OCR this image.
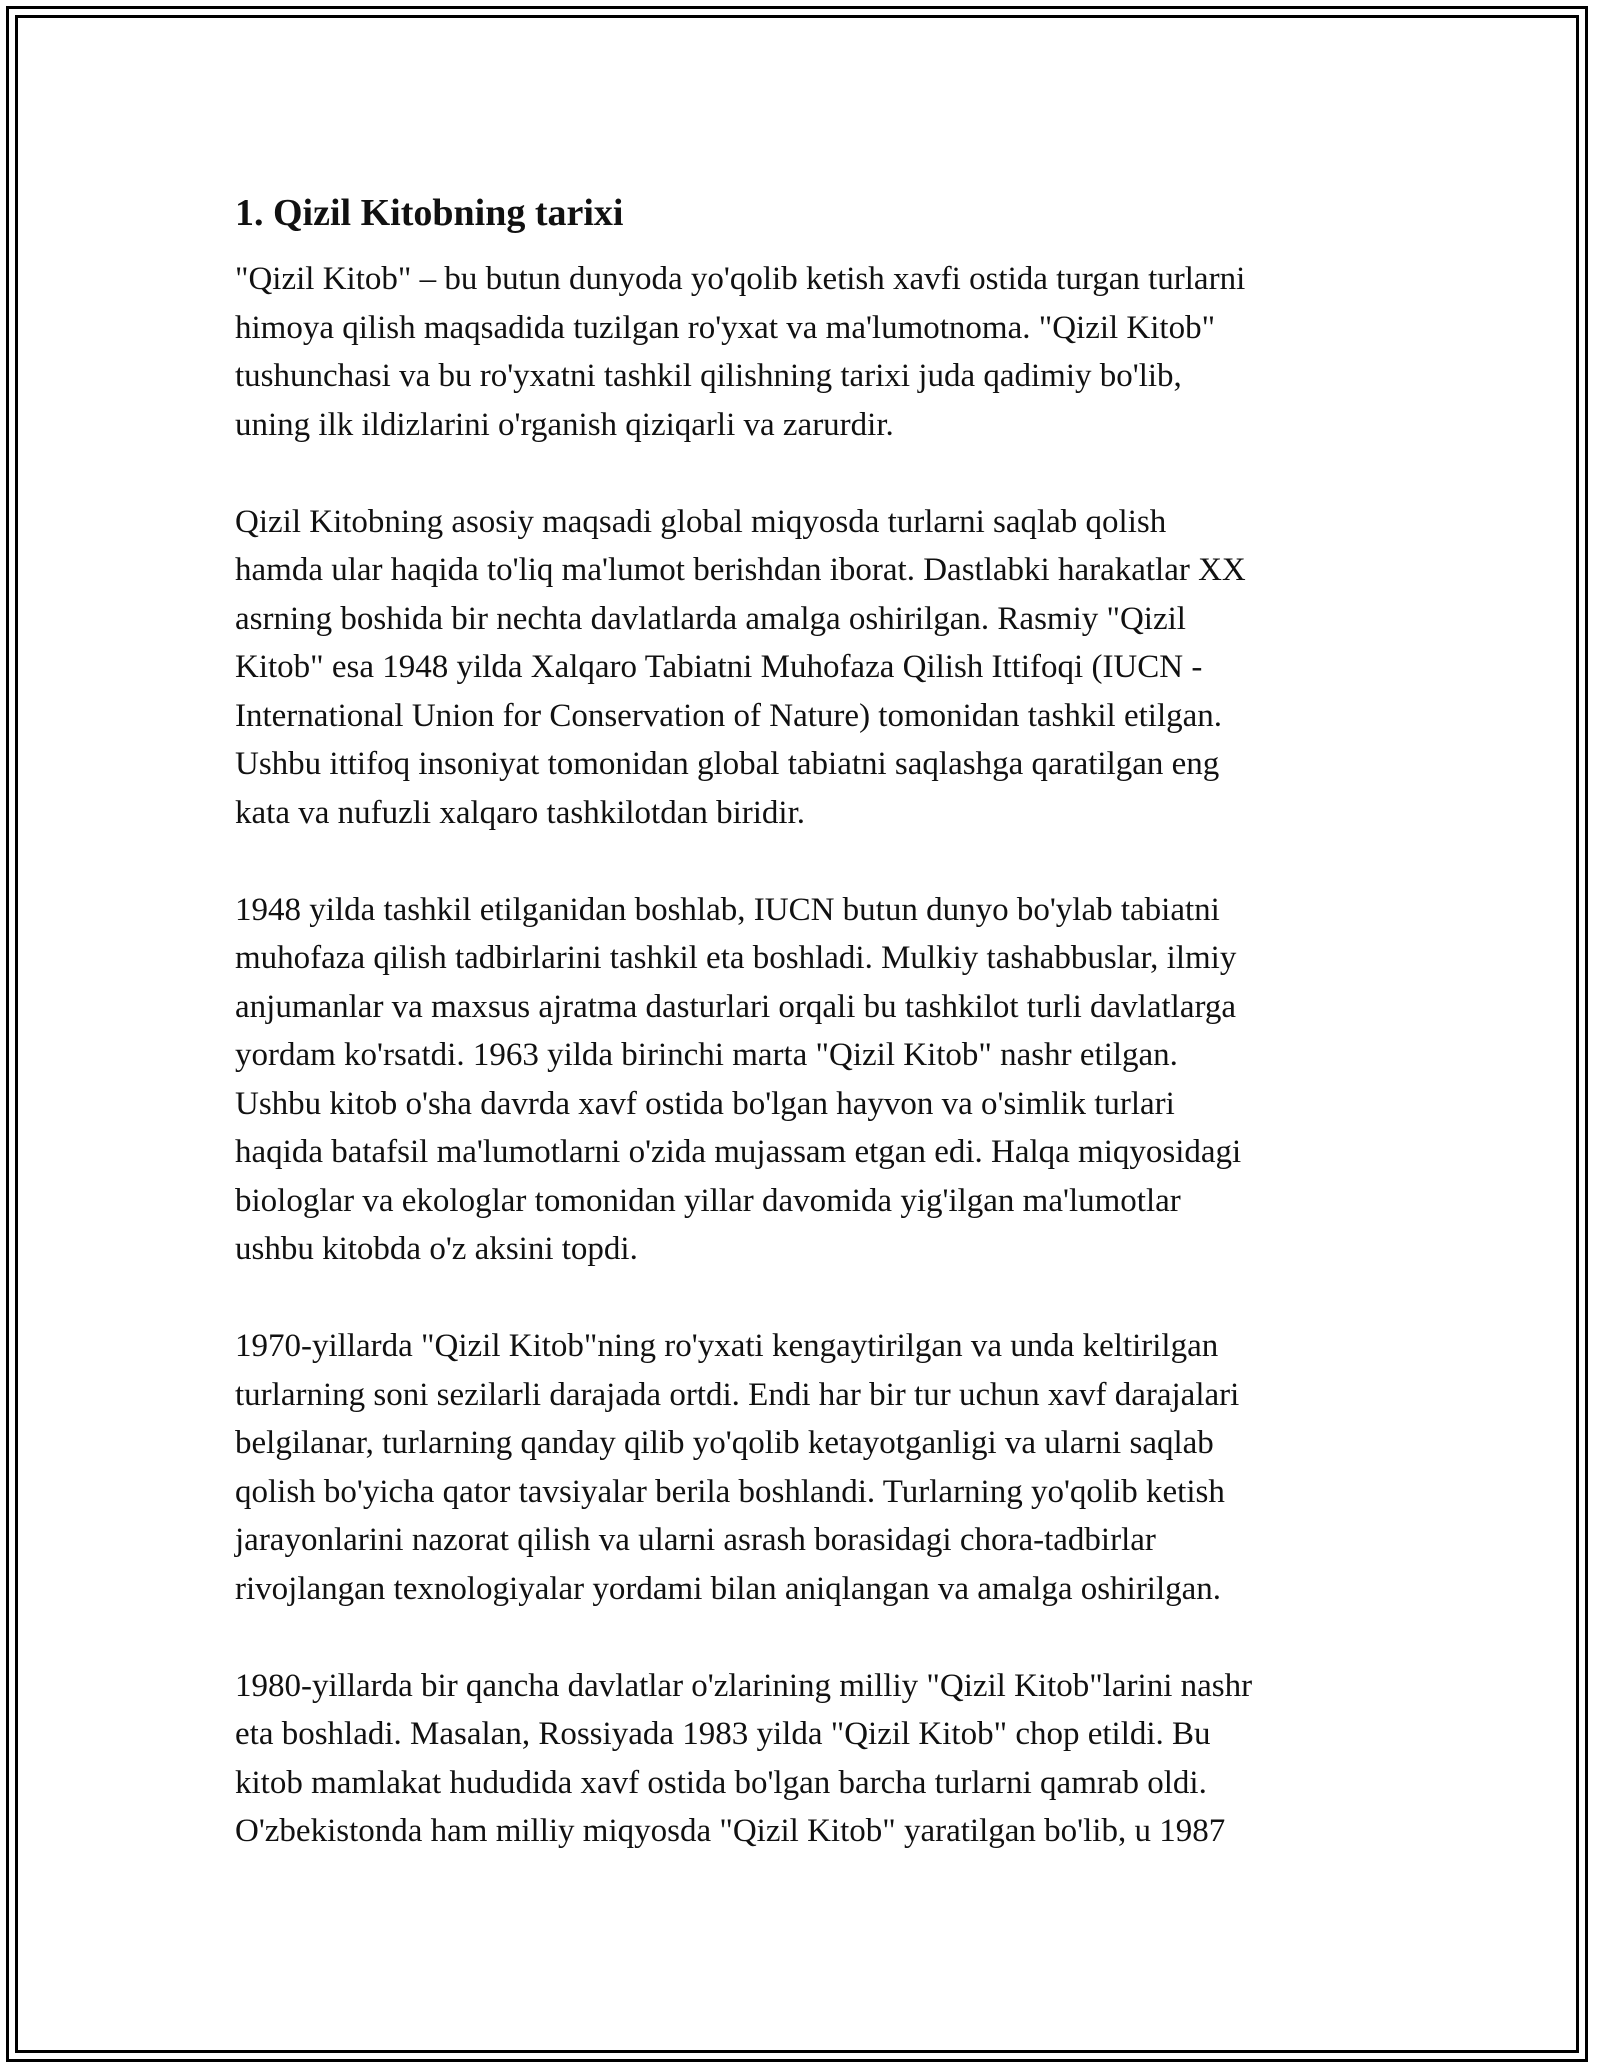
1. Qizil Kitobning tarixi

"Qizil Kitob" – bu butun dunyoda yo'qolib ketish xavfi ostida turgan turlarni
himoya qilish maqsadida tuzilgan ro'yxat va ma'lumotnoma. "Qizil Kitob"
tushunchasi va bu ro'yxatni tashkil qilishning tarixi juda qadimiy bo'lib,
uning ilk ildizlarini o'rganish qiziqarli va zarurdir.

Qizil Kitobning asosiy maqsadi global miqyosda turlarni saqlab qolish
hamda ular haqida to'liq ma'lumot berishdan iborat. Dastlabki harakatlar XX
asrning boshida bir nechta davlatlarda amalga oshirilgan. Rasmiy "Qizil
Kitob" esa 1948 yilda Xalqaro Tabiatni Muhofaza Qilish Ittifoqi (IUCN -
International Union for Conservation of Nature) tomonidan tashkil etilgan.
Ushbu ittifoq insoniyat tomonidan global tabiatni saqlashga qaratilgan eng
kata va nufuzli xalqaro tashkilotdan biridir.

1948 yilda tashkil etilganidan boshlab, IUCN butun dunyo bo'ylab tabiatni
muhofaza qilish tadbirlarini tashkil eta boshladi. Mulkiy tashabbuslar, ilmiy
anjumanlar va maxsus ajratma dasturlari orqali bu tashkilot turli davlatlarga
yordam ko'rsatdi. 1963 yilda birinchi marta "Qizil Kitob" nashr etilgan.
Ushbu kitob o'sha davrda xavf ostida bo'lgan hayvon va o'simlik turlari
haqida batafsil ma'lumotlarni o'zida mujassam etgan edi. Halqa miqyosidagi
biologlar va ekologlar tomonidan yillar davomida yig'ilgan ma'lumotlar
ushbu kitobda o'z aksini topdi.

1970-yillarda "Qizil Kitob"ning ro'yxati kengaytirilgan va unda keltirilgan
turlarning soni sezilarli darajada ortdi. Endi har bir tur uchun xavf darajalari
belgilanar, turlarning qanday qilib yo'qolib ketayotganligi va ularni saqlab
qolish bo'yicha qator tavsiyalar berila boshlandi. Turlarning yo'qolib ketish
jarayonlarini nazorat qilish va ularni asrash borasidagi chora-tadbirlar
rivojlangan texnologiyalar yordami bilan aniqlangan va amalga oshirilgan.

1980-yillarda bir qancha davlatlar o'zlarining milliy "Qizil Kitob"larini nashr
eta boshladi. Masalan, Rossiyada 1983 yilda "Qizil Kitob" chop etildi. Bu
kitob mamlakat hududida xavf ostida bo'lgan barcha turlarni qamrab oldi.
O'zbekistonda ham milliy miqyosda "Qizil Kitob" yaratilgan bo'lib, u 1987
